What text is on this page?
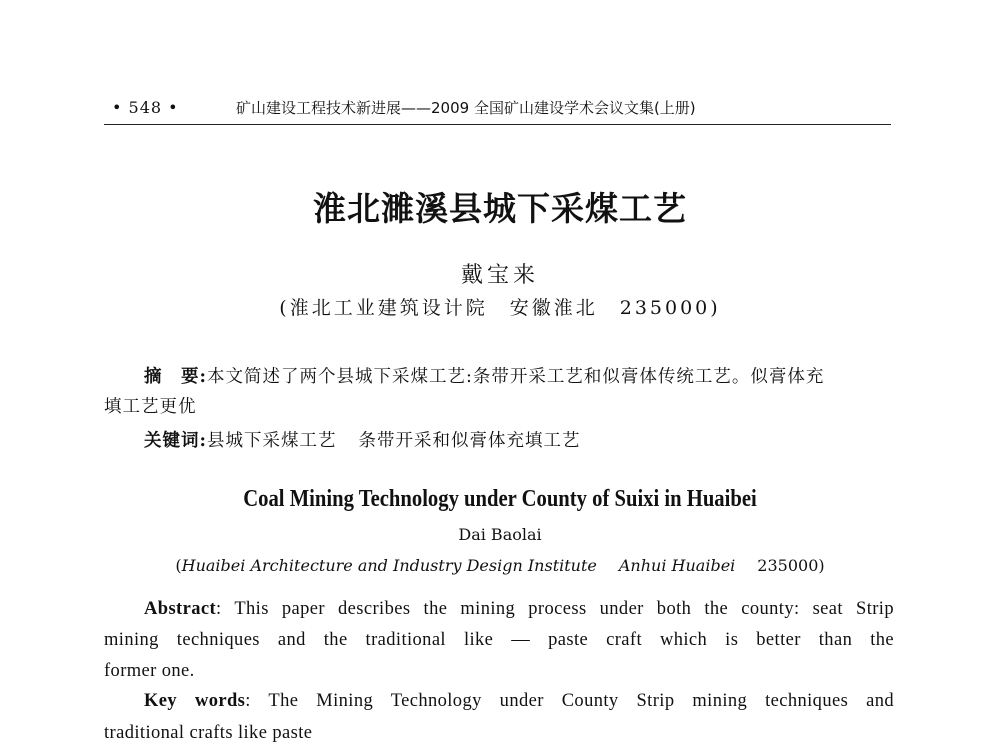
• 548 •	矿山建设工程技术新进展——2009 全国矿山建设学术会议文集(上册)
淮北濉溪县城下采煤工艺
戴宝来
(淮北工业建筑设计院 安徽淮北 235000)
摘　要:本文简述了两个县城下采煤工艺:条带开采工艺和似膏体传统工艺。似膏体充
填工艺更优
关键词:县城下采煤工艺 条带开采和似膏体充填工艺
Coal Mining Technology under County of Suixi in Huaibei
Dai Baolai
(Huaibei Architecture and Industry Design Institute Anhui Huaibei 235000)
Abstract: This paper describes the mining process under both the county: seat Strip
mining techniques and the traditional like — paste craft which is better than the
former one.
Key words: The Mining Technology under County Strip mining techniques and
traditional crafts like paste
